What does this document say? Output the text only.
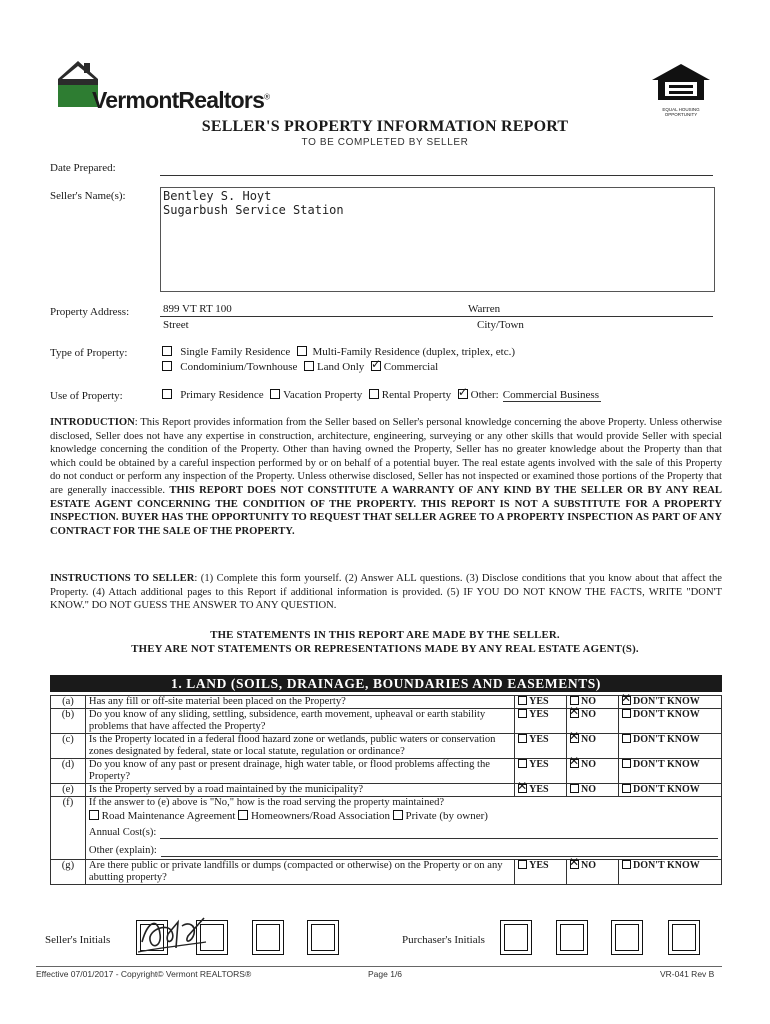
VermontRealtors®
EQUAL HOUSING
OPPORTUNITY
SELLER'S PROPERTY INFORMATION REPORT
TO BE COMPLETED BY SELLER
Date Prepared:
Seller's Name(s):	Bentley S. Hoyt
Sugarbush Service Station
Property Address:	899 VT RT 100	Warren
Street	City/Town
Type of Property:	Single Family Residence Multi-Family Residence (duplex, triplex, etc.)
Condominium/Townhouse Land Only ✓ Commercial
Use of Property:	Primary Residence Vacation Property Rental Property ✓ Other: Commercial Business
INTRODUCTION: This Report provides information from the Seller based on Seller's personal knowledge concerning the above Property. Unless otherwise disclosed, Seller does not have any expertise in construction, architecture, engineering, surveying or any other skills that would provide Seller with special knowledge concerning the condition of the Property. Other than having owned the Property, Seller has no greater knowledge about the Property than that which could be obtained by a careful inspection performed by or on behalf of a potential buyer. The real estate agents involved with the sale of this Property do not conduct or perform any inspection of the Property. Unless otherwise disclosed, Seller has not inspected or examined those portions of the Property that are generally inaccessible. THIS REPORT DOES NOT CONSTITUTE A WARRANTY OF ANY KIND BY THE SELLER OR BY ANY REAL ESTATE AGENT CONCERNING THE CONDITION OF THE PROPERTY. THIS REPORT IS NOT A SUBSTITUTE FOR A PROPERTY INSPECTION. BUYER HAS THE OPPORTUNITY TO REQUEST THAT SELLER AGREE TO A PROPERTY INSPECTION AS PART OF ANY CONTRACT FOR THE SALE OF THE PROPERTY.
INSTRUCTIONS TO SELLER: (1) Complete this form yourself. (2) Answer ALL questions. (3) Disclose conditions that you know about that affect the Property. (4) Attach additional pages to this Report if additional information is provided. (5) IF YOU DO NOT KNOW THE FACTS, WRITE "DON'T KNOW." DO NOT GUESS THE ANSWER TO ANY QUESTION.
THE STATEMENTS IN THIS REPORT ARE MADE BY THE SELLER.
THEY ARE NOT STATEMENTS OR REPRESENTATIONS MADE BY ANY REAL ESTATE AGENT(S).
1. LAND (SOILS, DRAINAGE, BOUNDARIES AND EASEMENTS)
(a)	Has any fill or off-site material been placed on the Property?	YES	NO	✕DON'T KNOW
(b)	Do you know of any sliding, settling, subsidence, earth movement, upheaval or earth stability problems that have affected the Property?	YES	✕NO	DON'T KNOW
(c)	Is the Property located in a federal flood hazard zone or wetlands, public waters or conservation zones designated by federal, state or local statute, regulation or ordinance?	YES	✕NO	DON'T KNOW
(d)	Do you know of any past or present drainage, high water table, or flood problems affecting the Property?	YES	✕NO	DON'T KNOW
(e)	Is the Property served by a road maintained by the municipality?	✕YES	NO	DON'T KNOW
(f)	If the answer to (e) above is "No," how is the road serving the property maintained?
Road Maintenance Agreement Homeowners/Road Association Private (by owner)
Annual Cost(s):
Other (explain):			

(g)	Are there public or private landfills or dumps (compacted or otherwise) on the Property or on any abutting property?	YES	✕NO	DON'T KNOW
Seller's Initials	Purchaser's Initials
Effective 07/01/2017 - Copyright© Vermont REALTORS®	Page 1/6	VR-041 Rev B
